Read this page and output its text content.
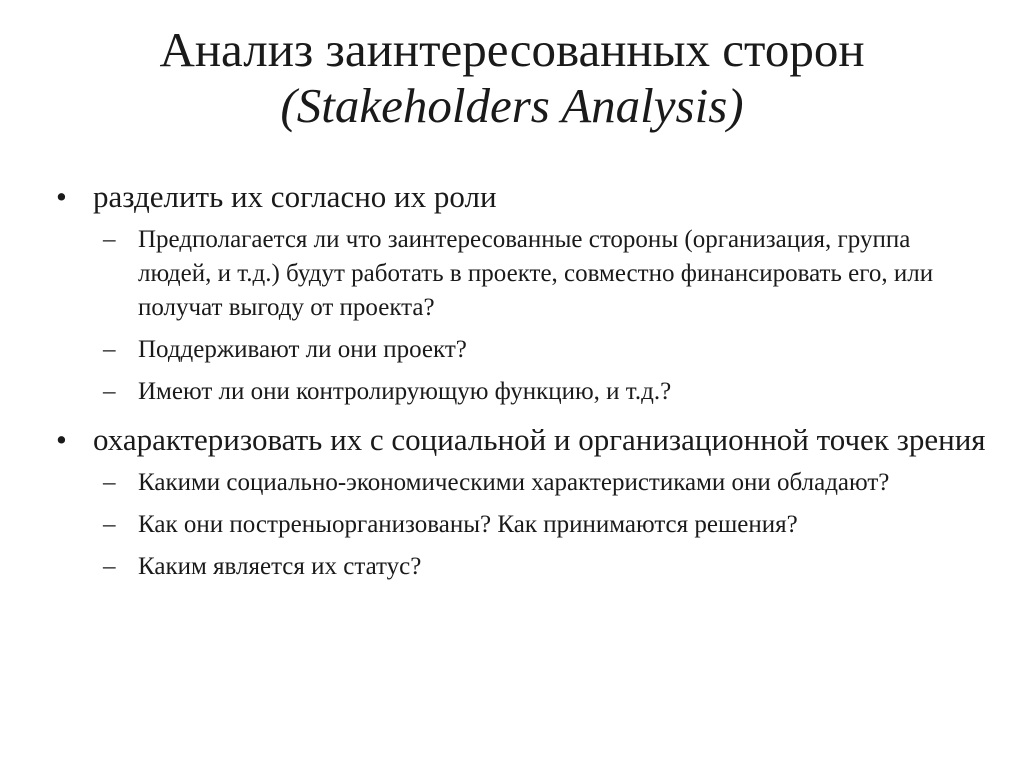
Анализ заинтересованных сторон
(Stakeholders Analysis)
• разделить их согласно их роли
– Предполагается ли что заинтересованные стороны (организация, группа людей, и т.д.) будут работать в проекте, совместно финансировать его, или получат выгоду от проекта?
– Поддерживают ли они проект?
– Имеют ли они контролирующую функцию, и т.д.?
• охарактеризовать их с социальной и организационной точек зрения
– Какими социально-экономическими характеристиками они обладают?
– Как они постреныорганизованы? Как принимаются решения?
– Каким является их статус?
